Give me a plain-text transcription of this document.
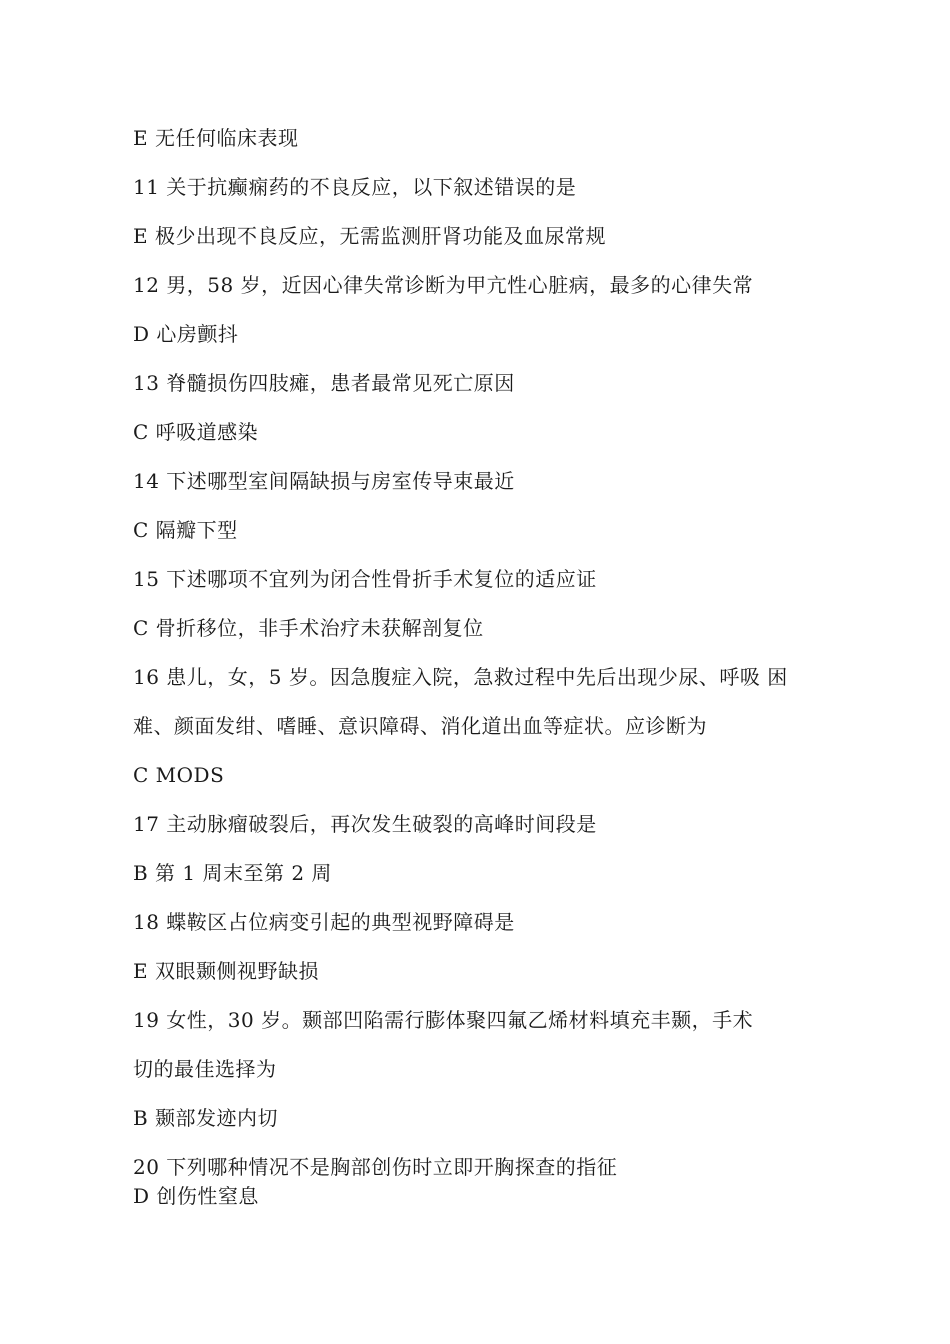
E 无任何临床表现
11 关于抗癫痫药的不良反应，以下叙述错误的是
E 极少出现不良反应，无需监测肝肾功能及血尿常规
12 男，58 岁，近因心律失常诊断为甲亢性心脏病，最多的心律失常
D 心房颤抖
13 脊髓损伤四肢瘫，患者最常见死亡原因
C 呼吸道感染
14 下述哪型室间隔缺损与房室传导束最近
C 隔瓣下型
15 下述哪项不宜列为闭合性骨折手术复位的适应证
C 骨折移位，非手术治疗未获解剖复位
16 患儿，女，5 岁。因急腹症入院，急救过程中先后出现少尿、呼吸 困
难、颜面发绀、嗜睡、意识障碍、消化道出血等症状。应诊断为
C MODS
17 主动脉瘤破裂后，再次发生破裂的高峰时间段是
B 第 1 周末至第 2 周
18 蝶鞍区占位病变引起的典型视野障碍是
E 双眼颞侧视野缺损
19 女性，30 岁。颞部凹陷需行膨体聚四氟乙烯材料填充丰颞，手术
切的最佳选择为
B 颞部发迹内切
20 下列哪种情况不是胸部创伤时立即开胸探查的指征
D 创伤性窒息
